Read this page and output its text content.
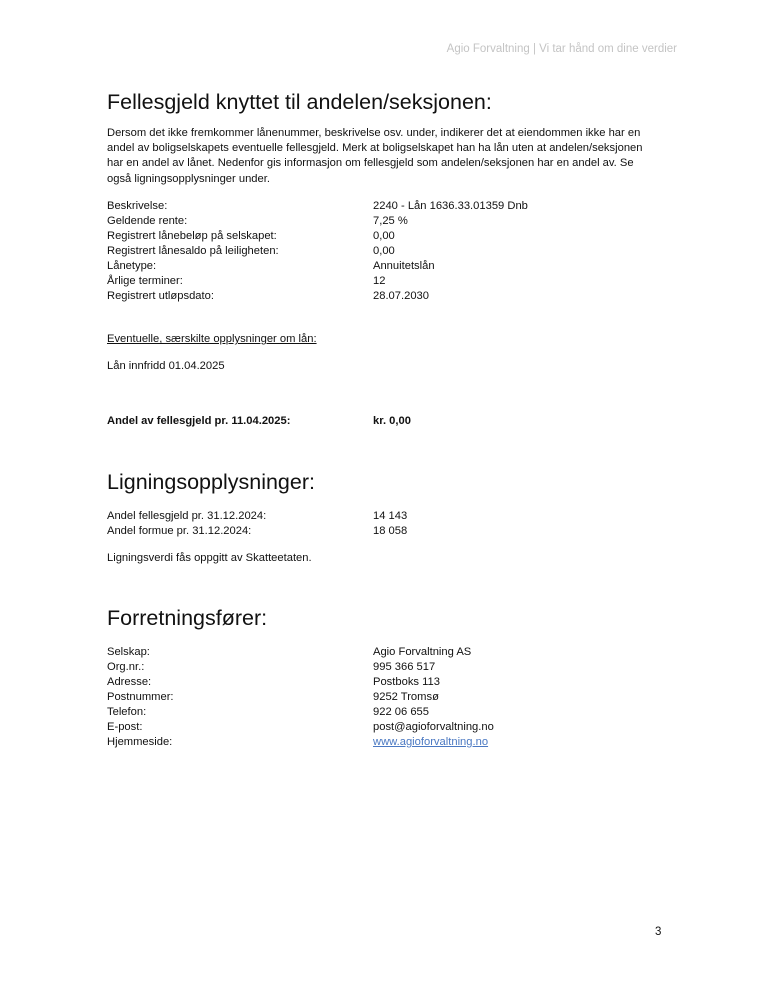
Agio Forvaltning | Vi tar hånd om dine verdier
Fellesgjeld knyttet til andelen/seksjonen:

Dersom det ikke fremkommer lånenummer, beskrivelse osv. under, indikerer det at eiendommen ikke har en andel av boligselskapets eventuelle fellesgjeld. Merk at boligselskapet han ha lån uten at andelen/seksjonen har en andel av lånet. Nedenfor gis informasjon om fellesgjeld som andelen/seksjonen har en andel av. Se også ligningsopplysninger under.

Beskrivelse:	2240 - Lån 1636.33.01359 Dnb
Geldende rente:	7,25 %
Registrert lånebeløp på selskapet:	0,00
Registrert lånesaldo på leiligheten:	0,00
Lånetype:	Annuitetslån
Årlige terminer:	12
Registrert utløpsdato:	28.07.2030
Eventuelle, særskilte opplysninger om lån:
Lån innfridd 01.04.2025
Andel av fellesgjeld pr. 11.04.2025:	kr. 0,00
Ligningsopplysninger:
Andel fellesgjeld pr. 31.12.2024:	14 143
Andel formue pr. 31.12.2024:	18 058
Ligningsverdi fås oppgitt av Skatteetaten.
Forretningsfører:
Selskap:	Agio Forvaltning AS
Org.nr.:	995 366 517
Adresse:	Postboks 113
Postnummer:	9252 Tromsø
Telefon:	922 06 655
E-post:	post@agioforvaltning.no
Hjemmeside:	www.agioforvaltning.no
3
